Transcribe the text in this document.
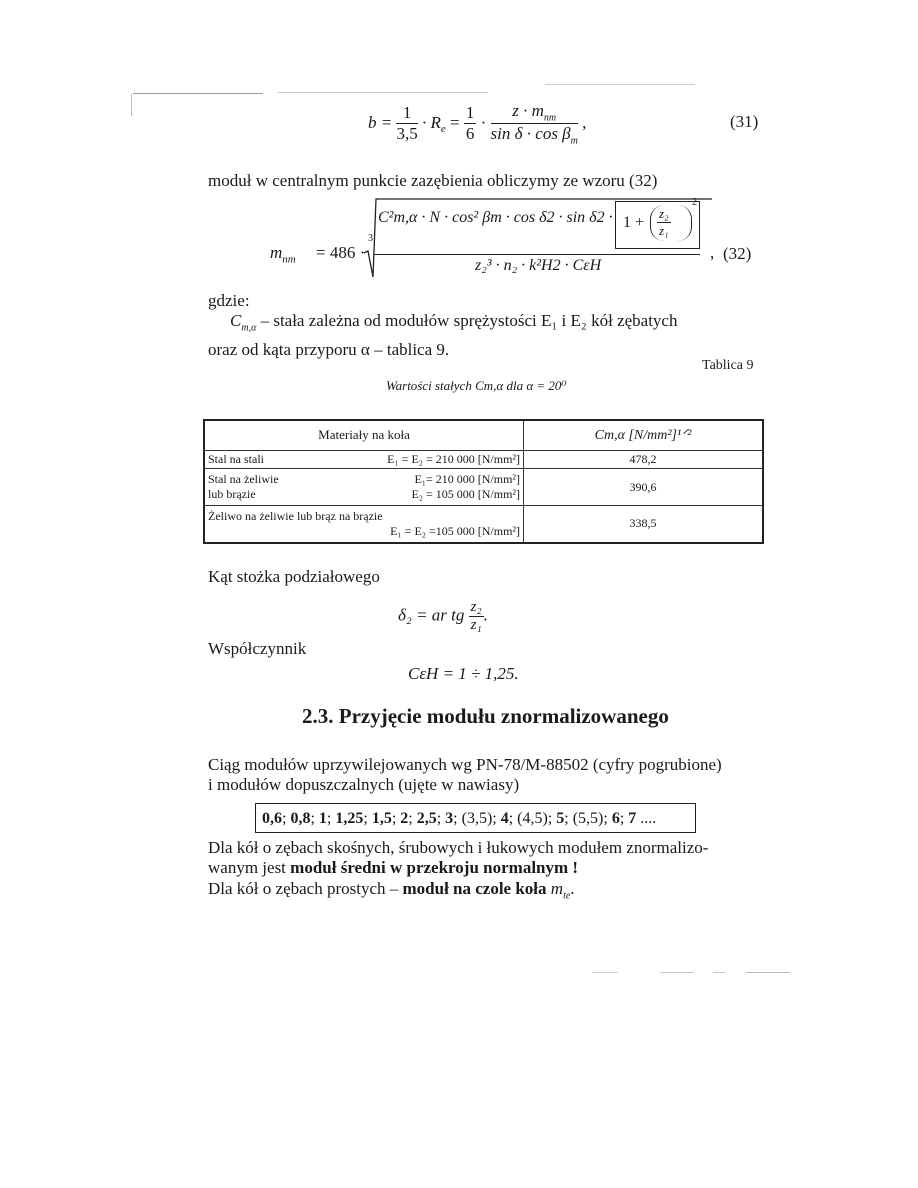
$b = \frac{1}{3,5} \cdot R_e = \frac{1}{6} \cdot \frac{z \cdot m_{nm}}{\sin \delta \cdot \cos \beta_m}$ ,	(31)
moduł w centralnym punkcie zazębienia obliczymy ze wzoru (32)
$m_{nm} = 486$ ·
3
C²m,α · N · cos² $\beta m \cdot \cos \delta 2 \cdot \sin \delta 2 \cdot 1 + \frac{\text{z₂}}{\text{z₁}}$
2
z₂³ · n₂ · k²H2 · CεH
, (32)
gdzie:
$C_{m,\alpha}$ – stała zależna od modułów sprężystości E₁ i E₂ kół zębatych
oraz od kąta przyporu α – tablica 9.
Tablica 9
Wartości stałych Cm,α dla α = 20⁰
Materiały na koła	Cm,α [N/mm²]¹ᐟ²
Stal na stali E₁ = E₂ = 210 000 [N/mm²]	478,2

Stal na żeliwie E₁= 210 000 [N/mm²]
lub brązie E₂ = 105 000 [N/mm²]	390,6

Żeliwo na żeliwie lub brąz na brązie
E₁ = E₂ =105 000 [N/mm²]	338,5
Kąt stożka podziałowego
δ₂ = ar tg $\frac{\text{z₂}}{\text{z₁}}$ .
Współczynnik
CεH = 1 ÷ 1,25.
2.3. Przyjęcie modułu znormalizowanego
Ciąg modułów uprzywilejowanych wg PN-78/M-88502 (cyfry pogrubione)
i modułów dopuszczalnych (ujęte w nawiasy)
0,6; 0,8; 1; 1,25; 1,5; 2; 2,5; 3; (3,5); 4; (4,5); 5; (5,5); 6; 7 ....
Dla kół o zębach skośnych, śrubowych i łukowych modułem znormalizo-
wanym jest moduł średni w przekroju normalnym !
Dla kół o zębach prostych – moduł na czole koła $m_{te}$.
